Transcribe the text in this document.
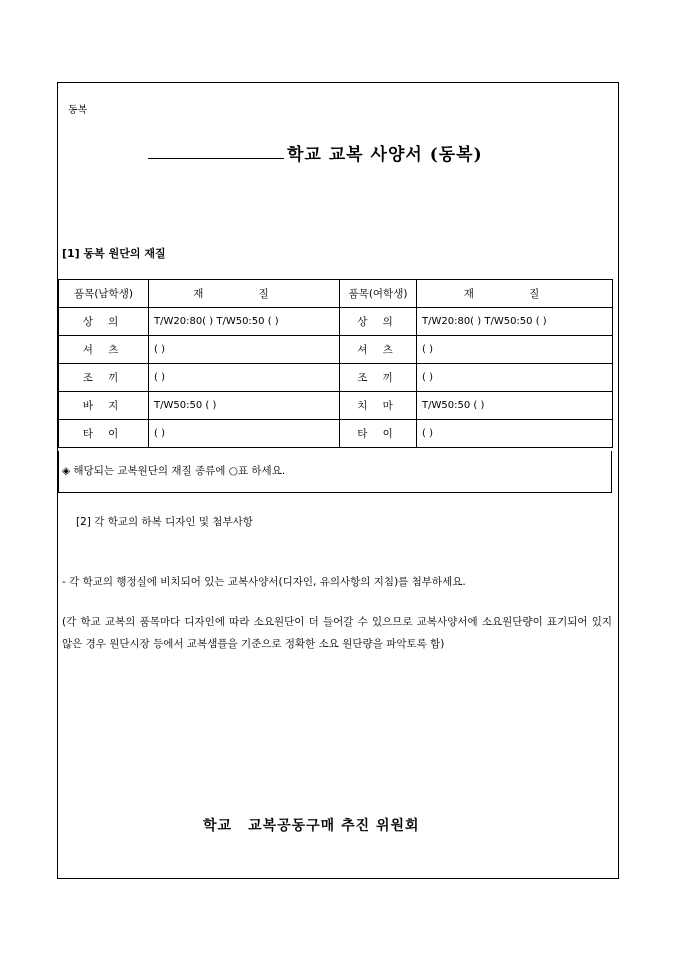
동복
학교 교복 사양서 (동복)
[1] 동복 원단의 재질
품목(남학생)	재 질	품목(여학생)	재 질
상 의	T/W20:80( ) T/W50:50 ( )	상 의	T/W20:80( ) T/W50:50 ( )
셔 츠	( )	셔 츠	( )
조 끼	( )	조 끼	( )
바 지	T/W50:50 ( )	치 마	T/W50:50 ( )
타 이	( )	타 이	( )
◈ 해당되는 교복원단의 재질 종류에 ○표 하세요.
[2] 각 학교의 하복 디자인 및 첨부사항
- 각 학교의 행정실에 비치되어 있는 교복사양서(디자인, 유의사항의 지침)를 첨부하세요.
(각 학교 교복의 품목마다 디자인에 따라 소요원단이 더 들어갈 수 있으므로 교복사양서에 소요원단량이 표기되어 있지 않은 경우 원단시장 등에서 교복샘플을 기준으로 정확한 소요 원단량을 파악토록 함)
학교 교복공동구매 추진 위원회
